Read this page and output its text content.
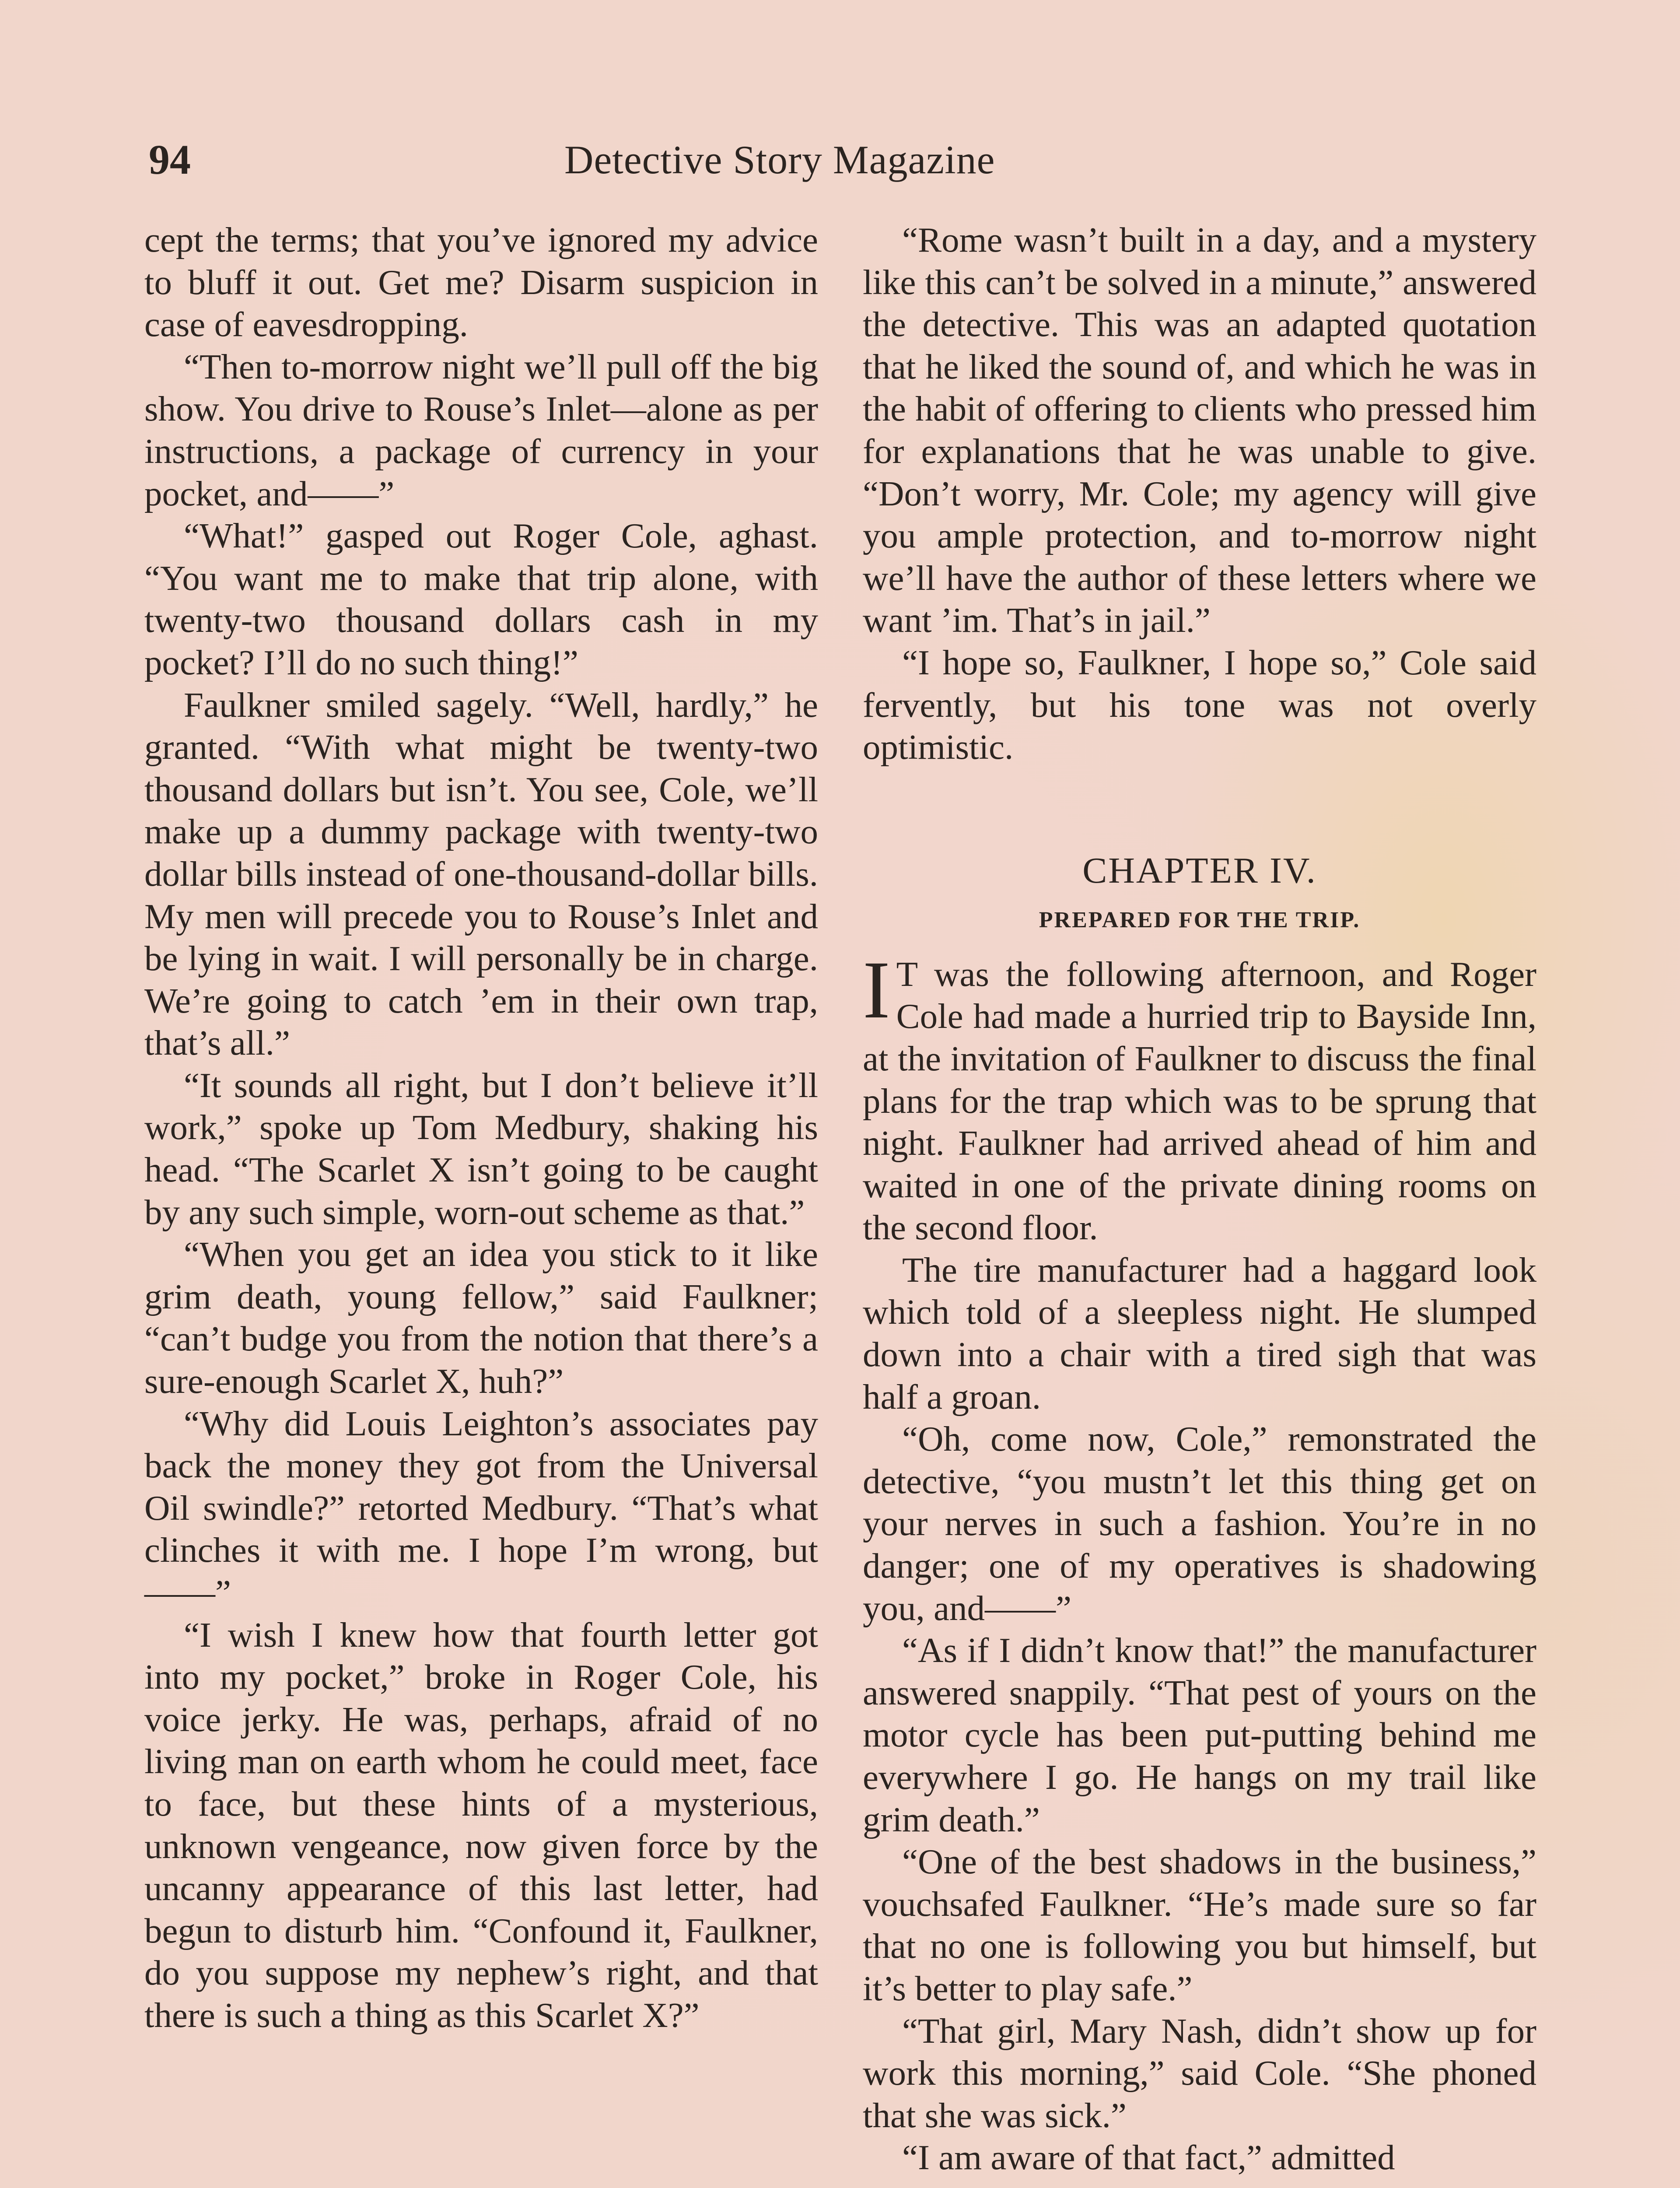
94	Detective Story Magazine

cept the terms; that you’ve ignored my advice to bluff it out. Get me? Disarm suspicion in case of eavesdropping.

“Then to-morrow night we’ll pull off the big show. You drive to Rouse’s Inlet—alone as per instructions, a package of currency in your pocket, and——”

“What!” gasped out Roger Cole, aghast. “You want me to make that trip alone, with twenty-two thousand dollars cash in my pocket? I’ll do no such thing!”

Faulkner smiled sagely. “Well, hardly,” he granted. “With what might be twenty-two thousand dollars but isn’t. You see, Cole, we’ll make up a dummy package with twenty-two dollar bills instead of one-thousand-dollar bills. My men will precede you to Rouse’s Inlet and be lying in wait. I will personally be in charge. We’re going to catch ’em in their own trap, that’s all.”

“It sounds all right, but I don’t believe it’ll work,” spoke up Tom Medbury, shaking his head. “The Scarlet X isn’t going to be caught by any such simple, worn-out scheme as that.”

“When you get an idea you stick to it like grim death, young fellow,” said Faulkner; “can’t budge you from the notion that there’s a sure-enough Scarlet X, huh?”

“Why did Louis Leighton’s associates pay back the money they got from the Universal Oil swindle?” retorted Medbury. “That’s what clinches it with me. I hope I’m wrong, but——”

“I wish I knew how that fourth letter got into my pocket,” broke in Roger Cole, his voice jerky. He was, perhaps, afraid of no living man on earth whom he could meet, face to face, but these hints of a mysterious, unknown vengeance, now given force by the uncanny appearance of this last letter, had begun to disturb him. “Confound it, Faulkner, do you suppose my nephew’s right, and that there is such a thing as this Scarlet X?”

“Rome wasn’t built in a day, and a mystery like this can’t be solved in a minute,” answered the detective. This was an adapted quotation that he liked the sound of, and which he was in the habit of offering to clients who pressed him for explanations that he was unable to give. “Don’t worry, Mr. Cole; my agency will give you ample protection, and to-morrow night we’ll have the author of these letters where we want ’im. That’s in jail.”

“I hope so, Faulkner, I hope so,” Cole said fervently, but his tone was not overly optimistic.

CHAPTER IV.
PREPARED FOR THE TRIP.

I T was the following afternoon, and Roger Cole had made a hurried trip to Bayside Inn, at the invitation of Faulkner to discuss the final plans for the trap which was to be sprung that night. Faulkner had arrived ahead of him and waited in one of the private dining rooms on the second floor.

The tire manufacturer had a haggard look which told of a sleepless night. He slumped down into a chair with a tired sigh that was half a groan.

“Oh, come now, Cole,” remonstrated the detective, “you mustn’t let this thing get on your nerves in such a fashion. You’re in no danger; one of my operatives is shadowing you, and——”

“As if I didn’t know that!” the manufacturer answered snappily. “That pest of yours on the motor cycle has been put-putting behind me everywhere I go. He hangs on my trail like grim death.”

“One of the best shadows in the business,” vouchsafed Faulkner. “He’s made sure so far that no one is following you but himself, but it’s better to play safe.”

“That girl, Mary Nash, didn’t show up for work this morning,” said Cole. “She phoned that she was sick.”

“I am aware of that fact,” admitted
